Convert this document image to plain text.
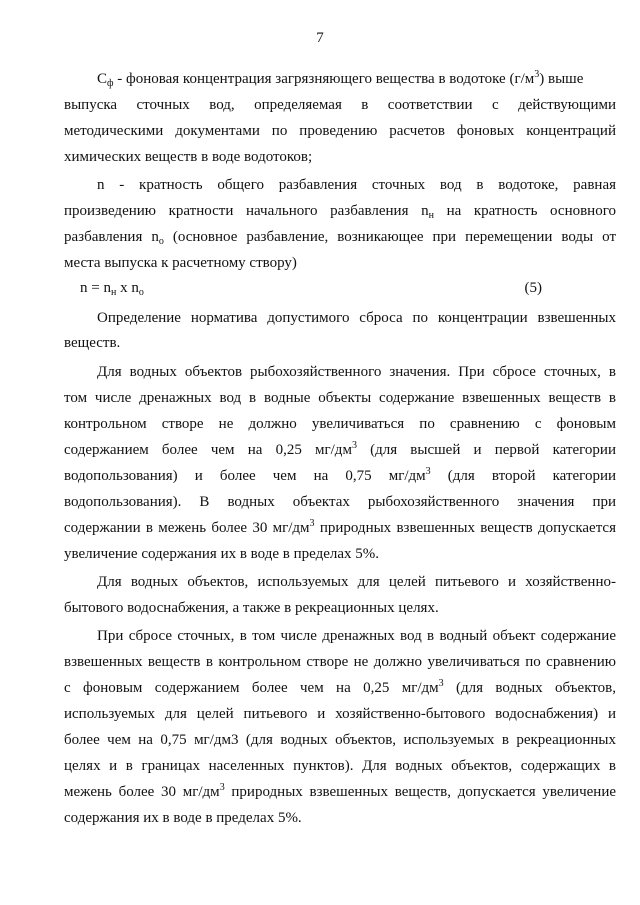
7
$С_ф$ - фоновая концентрация загрязняющего вещества в водотоке $(г/м^3)$ выше
выпуска сточных вод, определяемая в соответствии с действующими
методическими документами по проведению расчетов фоновых концентраций
химических веществ в воде водотоков;
n - кратность общего разбавления сточных вод в водотоке, равная
произведению кратности начального разбавления $n_н$ на кратность основного
разбавления $n_о$ (основное разбавление, возникающее при перемещении воды от
места выпуска к расчетному створу)
$n = n_н$ x $n_о$	(5)
Определение норматива допустимого сброса по концентрации взвешенных
веществ.
Для водных объектов рыбохозяйственного значения. При сбросе сточных, в
том числе дренажных вод в водные объекты содержание взвешенных веществ в
контрольном створе не должно увеличиваться по сравнению с фоновым
содержанием более чем на 0,25 $мг/дм^3$ (для высшей и первой категории
водопользования) и более чем на 0,75 $мг/дм^3$ (для второй категории
водопользования). В водных объектах рыбохозяйственного значения при
содержании в межень более 30 $мг/дм^3$ природных взвешенных веществ допускается
увеличение содержания их в воде в пределах 5%.
Для водных объектов, используемых для целей питьевого и хозяйственно-
бытового водоснабжения, а также в рекреационных целях.
При сбросе сточных, в том числе дренажных вод в водный объект содержание
взвешенных веществ в контрольном створе не должно увеличиваться по сравнению
с фоновым содержанием более чем на 0,25 $мг/дм^3$ (для водных объектов,
используемых для целей питьевого и хозяйственно-бытового водоснабжения) и
более чем на 0,75 мг/дм3 (для водных объектов, используемых в рекреационных
целях и в границах населенных пунктов). Для водных объектов, содержащих в
межень более 30 $мг/дм^3$ природных взвешенных веществ, допускается увеличение
содержания их в воде в пределах 5%.
